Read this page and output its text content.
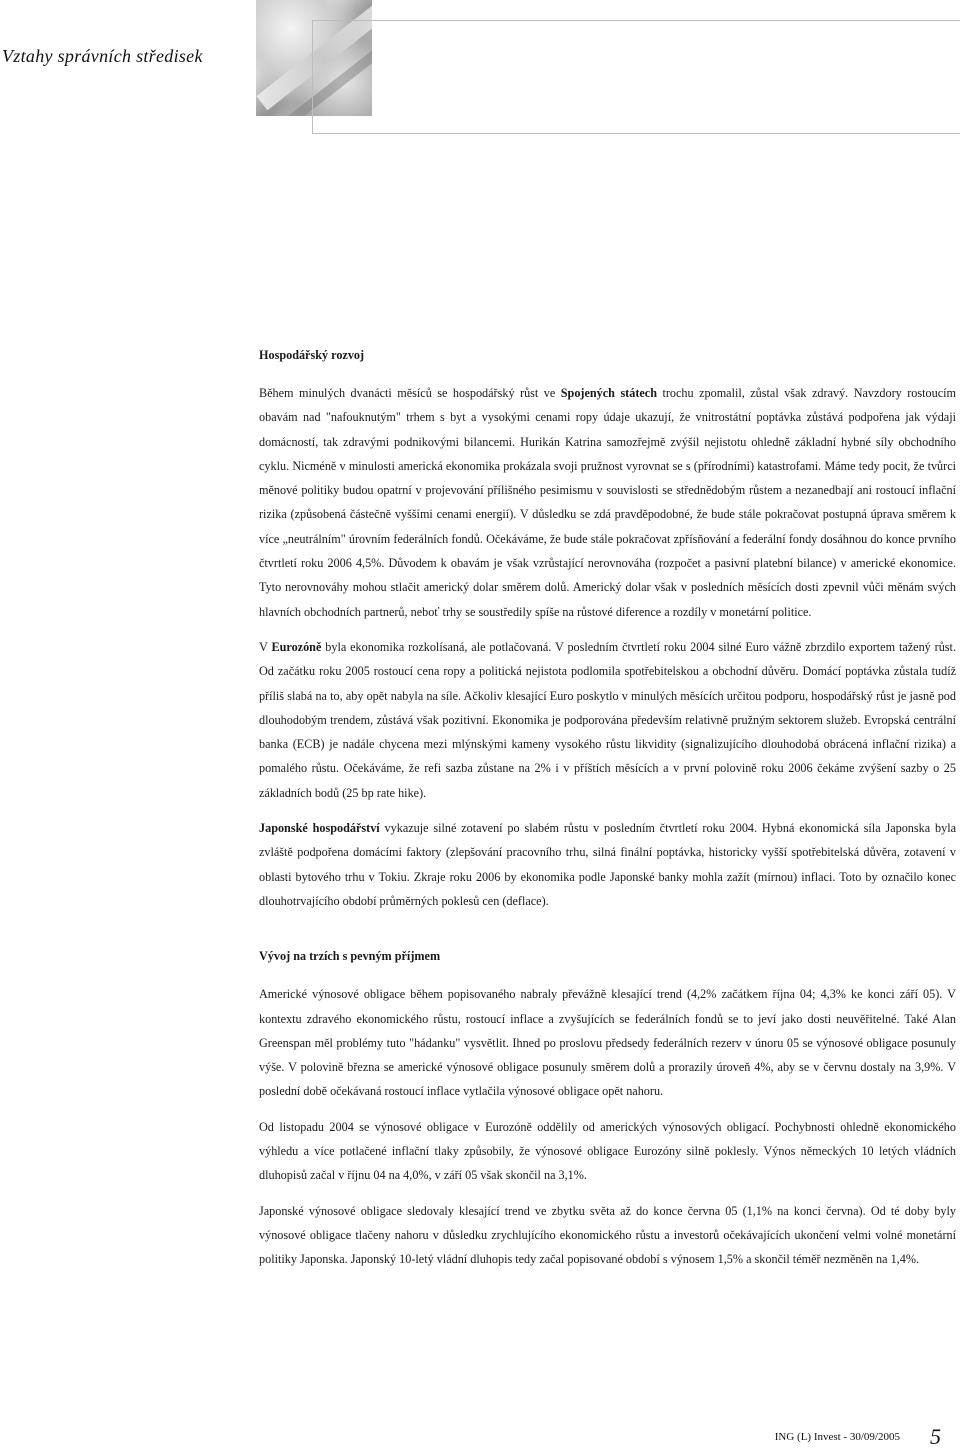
Vztahy správních středisek
Hospodářský rozvoj

Během minulých dvanácti měsíců se hospodářský růst ve Spojených státech trochu zpomalil, zůstal však zdravý. Navzdory rostoucím obavám nad "nafouknutým" trhem s byt a vysokými cenami ropy údaje ukazují, že vnitrostátní poptávka zůstává podpořena jak výdaji domácností, tak zdravými podnikovými bilancemi. Hurikán Katrina samozřejmě zvýšil nejistotu ohledně základní hybné síly obchodního cyklu. Nicméně v minulosti americká ekonomika prokázala svoji pružnost vyrovnat se s (přírodními) katastrofami. Máme tedy pocit, že tvůrci měnové politiky budou opatrní v projevování přílišného pesimismu v souvislosti se střednědobým růstem a nezanedbají ani rostoucí inflační rizika (způsobená částečně vyššími cenami energií). V důsledku se zdá pravděpodobné, že bude stále pokračovat postupná úprava směrem k více „neutrálním" úrovním federálních fondů. Očekáváme, že bude stále pokračovat zpřísňování a federální fondy dosáhnou do konce prvního čtvrtletí roku 2006 4,5%. Důvodem k obavám je však vzrůstající nerovnováha (rozpočet a pasivní platební bilance) v americké ekonomice. Tyto nerovnováhy mohou stlačit americký dolar směrem dolů. Americký dolar však v posledních měsících dosti zpevnil vůči měnám svých hlavních obchodních partnerů, neboť trhy se soustředily spíše na růstové diference a rozdíly v monetární politice.

V Eurozóně byla ekonomika rozkolísaná, ale potlačovaná. V posledním čtvrtletí roku 2004 silné Euro vážně zbrzdilo exportem tažený růst. Od začátku roku 2005 rostoucí cena ropy a politická nejistota podlomila spotřebitelskou a obchodní důvěru. Domácí poptávka zůstala tudíž příliš slabá na to, aby opět nabyla na síle. Ačkoliv klesající Euro poskytlo v minulých měsících určitou podporu, hospodářský růst je jasně pod dlouhodobým trendem, zůstává však pozitivní. Ekonomika je podporována především relativně pružným sektorem služeb. Evropská centrální banka (ECB) je nadále chycena mezi mlýnskými kameny vysokého růstu likvidity (signalizujícího dlouhodobá obrácená inflační rizika) a pomalého růstu. Očekáváme, že refi sazba zůstane na 2% i v příštích měsících a v první polovině roku 2006 čekáme zvýšení sazby o 25 základních bodů (25 bp rate hike).

Japonské hospodářství vykazuje silné zotavení po slabém růstu v posledním čtvrtletí roku 2004. Hybná ekonomická síla Japonska byla zvláště podpořena domácími faktory (zlepšování pracovního trhu, silná finální poptávka, historicky vyšší spotřebitelská důvěra, zotavení v oblasti bytového trhu v Tokiu. Zkraje roku 2006 by ekonomika podle Japonské banky mohla zažít (mírnou) inflaci. Toto by označilo konec dlouhotrvajícího období průměrných poklesů cen (deflace).

Vývoj na trzích s pevným příjmem

Americké výnosové obligace během popisovaného nabraly převážně klesající trend (4,2% začátkem října 04; 4,3% ke konci září 05). V kontextu zdravého ekonomického růstu, rostoucí inflace a zvyšujících se federálních fondů se to jeví jako dosti neuvěřitelné. Také Alan Greenspan měl problémy tuto "hádanku" vysvětlit. Ihned po proslovu předsedy federálních rezerv v únoru 05 se výnosové obligace posunuly výše. V polovině března se americké výnosové obligace posunuly směrem dolů a prorazily úroveň 4%, aby se v červnu dostaly na 3,9%. V poslední době očekávaná rostoucí inflace vytlačila výnosové obligace opět nahoru.

Od listopadu 2004 se výnosové obligace v Eurozóně oddělily od amerických výnosových obligací. Pochybnosti ohledně ekonomického výhledu a více potlačené inflační tlaky způsobily, že výnosové obligace Eurozóny silně poklesly. Výnos německých 10 letých vládních dluhopisů začal v říjnu 04 na 4,0%, v září 05 však skončil na 3,1%.

Japonské výnosové obligace sledovaly klesající trend ve zbytku světa až do konce června 05 (1,1% na konci června). Od té doby byly výnosové obligace tlačeny nahoru v důsledku zrychlujícího ekonomického růstu a investorů očekávajících ukončení velmi volné monetární politiky Japonska. Japonský 10-letý vládní dluhopis tedy začal popisované období s výnosem 1,5% a skončil téměř nezměněn na 1,4%.

ING (L) Invest - 30/09/2005 5
